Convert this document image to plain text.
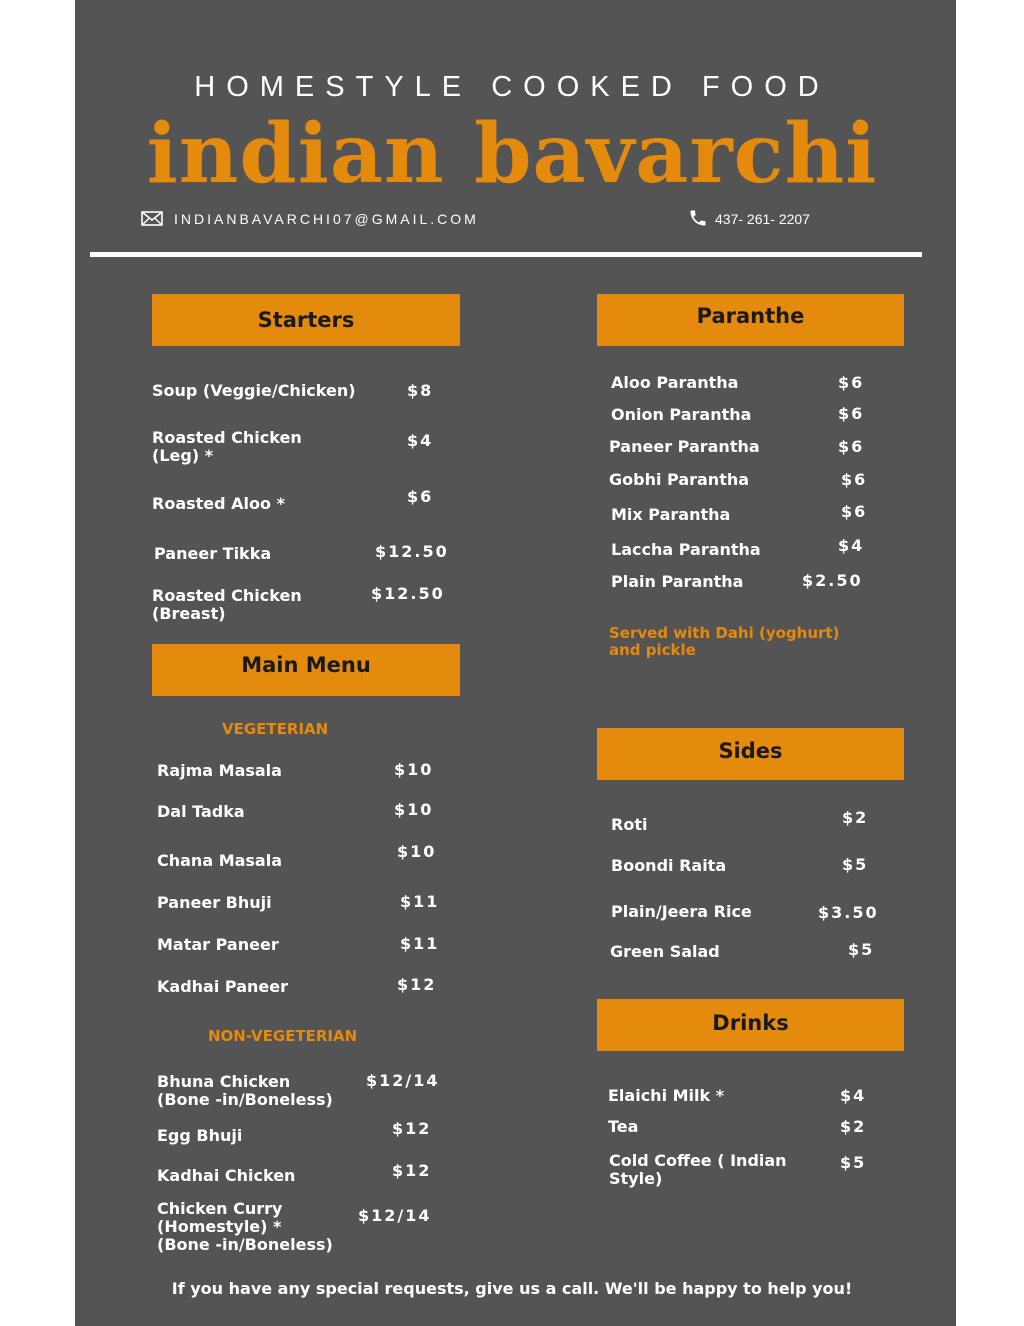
HOMESTYLE COOKED FOOD
indian bavarchi
INDIANBAVARCHI07@GMAIL.COM	437- 261- 2207
Starters
Soup (Veggie/Chicken)	$8
Roasted Chicken
(Leg) *
$4
Roasted Aloo *	$6
Paneer Tikka	$12.50
Roasted Chicken
(Breast)
$12.50
Main Menu
VEGETERIAN
Rajma Masala	$10
Dal Tadka	$10
Chana Masala	$10
Paneer Bhuji	$11
Matar Paneer	$11
Kadhai Paneer	$12
NON-VEGETERIAN
Bhuna Chicken
(Bone -in/Boneless)
$12/14
Egg Bhuji	$12
Kadhai Chicken	$12
Chicken Curry
(Homestyle) *
(Bone -in/Boneless)
$12/14
Paranthe
Aloo Parantha	$6
Onion Parantha	$6
Paneer Parantha	$6
Gobhi Parantha	$6
Mix Parantha	$6
Laccha Parantha	$4
Plain Parantha	$2.50
Served with Dahi (yoghurt)
and pickle
Sides
Roti	$2
Boondi Raita	$5
Plain/Jeera Rice	$3.50
Green Salad	$5
Drinks
Elaichi Milk *	$4
Tea	$2
Cold Coffee ( Indian
Style)
$5
If you have any special requests, give us a call. We'll be happy to help you!
